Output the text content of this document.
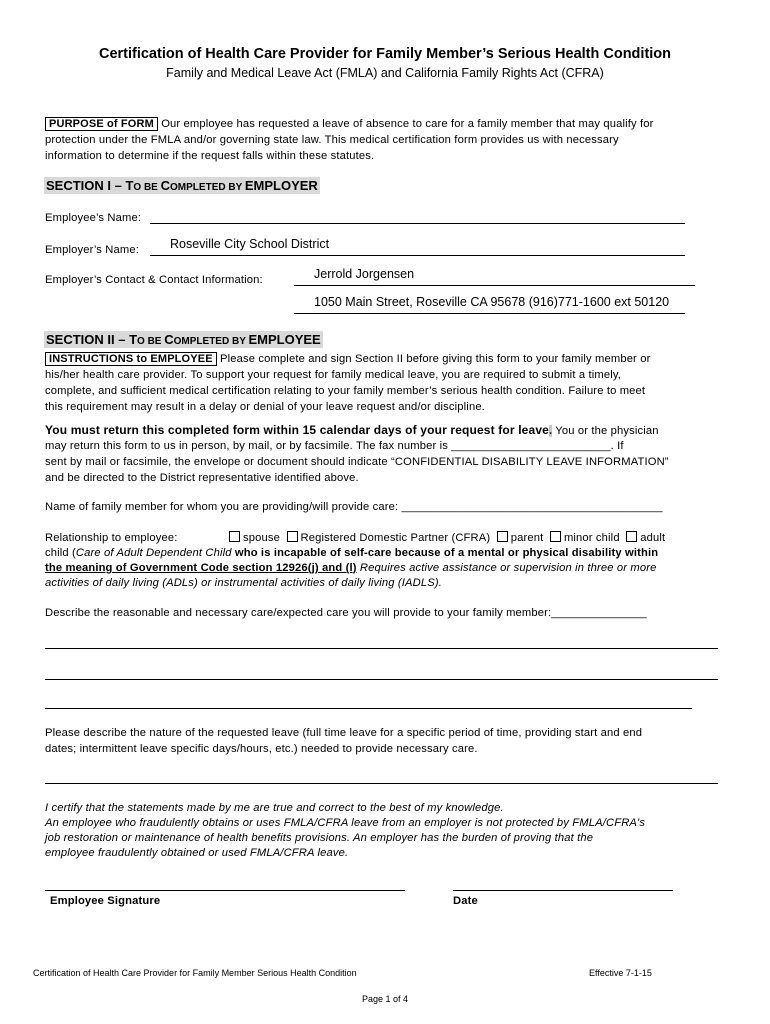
Certification of Health Care Provider for Family Member’s Serious Health Condition
Family and Medical Leave Act (FMLA) and California Family Rights Act (CFRA)
PURPOSE of FORM Our employee has requested a leave of absence to care for a family member that may qualify for
protection under the FMLA and/or governing state law. This medical certification form provides us with necessary
information to determine if the request falls within these statutes.
SECTION I – TO BE COMPLETED BY EMPLOYER
Employee’s Name:
Employer’s Name: Roseville City School District
Employer’s Contact & Contact Information:	Jerrold Jorgensen
1050 Main Street, Roseville CA 95678 (916)771-1600 ext 50120
SECTION II – TO BE COMPLETED BY EMPLOYEE
INSTRUCTIONS to EMPLOYEE Please complete and sign Section II before giving this form to your family member or
his/her health care provider. To support your request for family medical leave, you are required to submit a timely,
complete, and sufficient medical certification relating to your family member’s serious health condition. Failure to meet
this requirement may result in a delay or denial of your leave request and/or discipline.
You must return this completed form within 15 calendar days of your request for leave. You or the physician
may return this form to us in person, by mail, or by facsimile. The fax number is _________________________. If
sent by mail or facsimile, the envelope or document should indicate “CONFIDENTIAL DISABILITY LEAVE INFORMATION”
and be directed to the District representative identified above.
Name of family member for whom you are providing/will provide care: _________________________________________
Relationship to employee:	spouse Registered Domestic Partner (CFRA) parent minor child adult
child (Care of Adult Dependent Child who is incapable of self-care because of a mental or physical disability within
the meaning of Government Code section 12926(j) and (l) Requires active assistance or supervision in three or more
activities of daily living (ADLs) or instrumental activities of daily living (IADLS).
Describe the reasonable and necessary care/expected care you will provide to your family member:_______________
Please describe the nature of the requested leave (full time leave for a specific period of time, providing start and end
dates; intermittent leave specific days/hours, etc.) needed to provide necessary care.
I certify that the statements made by me are true and correct to the best of my knowledge.
An employee who fraudulently obtains or uses FMLA/CFRA leave from an employer is not protected by FMLA/CFRA's
job restoration or maintenance of health benefits provisions. An employer has the burden of proving that the
employee fraudulently obtained or used FMLA/CFRA leave.
Employee Signature	Date
Certification of Health Care Provider for Family Member Serious Health Condition	Effective 7-1-15
Page 1 of 4
